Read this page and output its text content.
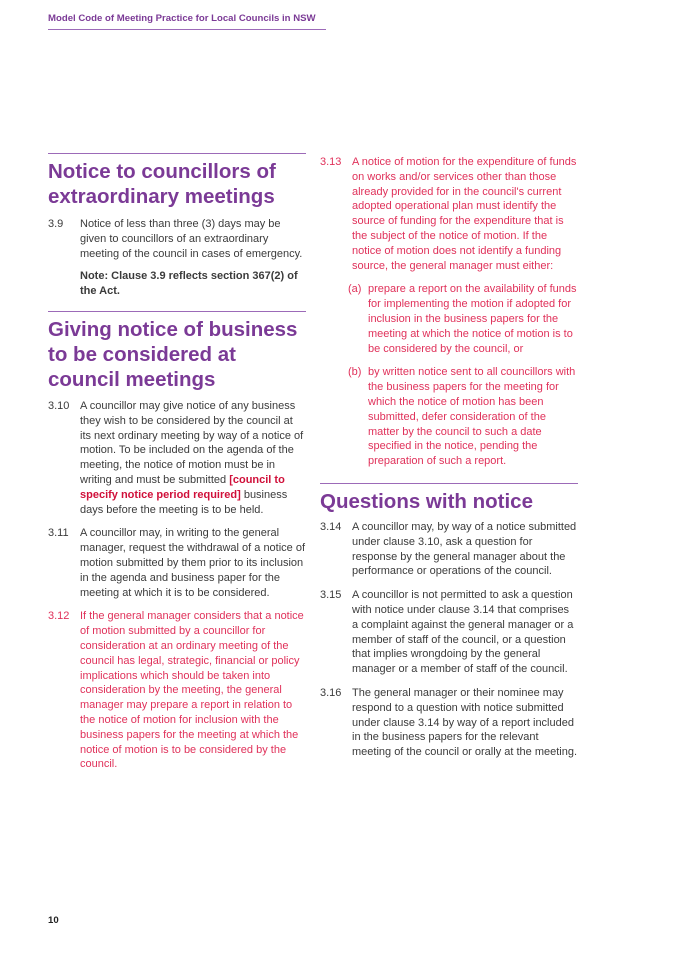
Model Code of Meeting Practice for Local Councils in NSW
Notice to councillors of extraordinary meetings
3.9	Notice of less than three (3) days may be given to councillors of an extraordinary meeting of the council in cases of emergency.
Note: Clause 3.9 reflects section 367(2) of the Act.
Giving notice of business to be considered at council meetings
3.10 A councillor may give notice of any business they wish to be considered by the council at its next ordinary meeting by way of a notice of motion. To be included on the agenda of the meeting, the notice of motion must be in writing and must be submitted [council to specify notice period required] business days before the meeting is to be held.
3.11	A councillor may, in writing to the general manager, request the withdrawal of a notice of motion submitted by them prior to its inclusion in the agenda and business paper for the meeting at which it is to be considered.
3.12 If the general manager considers that a notice of motion submitted by a councillor for consideration at an ordinary meeting of the council has legal, strategic, financial or policy implications which should be taken into consideration by the meeting, the general manager may prepare a report in relation to the notice of motion for inclusion with the business papers for the meeting at which the notice of motion is to be considered by the council.
3.13 A notice of motion for the expenditure of funds on works and/or services other than those already provided for in the council's current adopted operational plan must identify the source of funding for the expenditure that is the subject of the notice of motion. If the notice of motion does not identify a funding source, the general manager must either:
(a) prepare a report on the availability of funds for implementing the motion if adopted for inclusion in the business papers for the meeting at which the notice of motion is to be considered by the council, or
(b) by written notice sent to all councillors with the business papers for the meeting for which the notice of motion has been submitted, defer consideration of the matter by the council to such a date specified in the notice, pending the preparation of such a report.
Questions with notice
3.14 A councillor may, by way of a notice submitted under clause 3.10, ask a question for response by the general manager about the performance or operations of the council.
3.15 A councillor is not permitted to ask a question with notice under clause 3.14 that comprises a complaint against the general manager or a member of staff of the council, or a question that implies wrongdoing by the general manager or a member of staff of the council.
3.16 The general manager or their nominee may respond to a question with notice submitted under clause 3.14 by way of a report included in the business papers for the relevant meeting of the council or orally at the meeting.
10
